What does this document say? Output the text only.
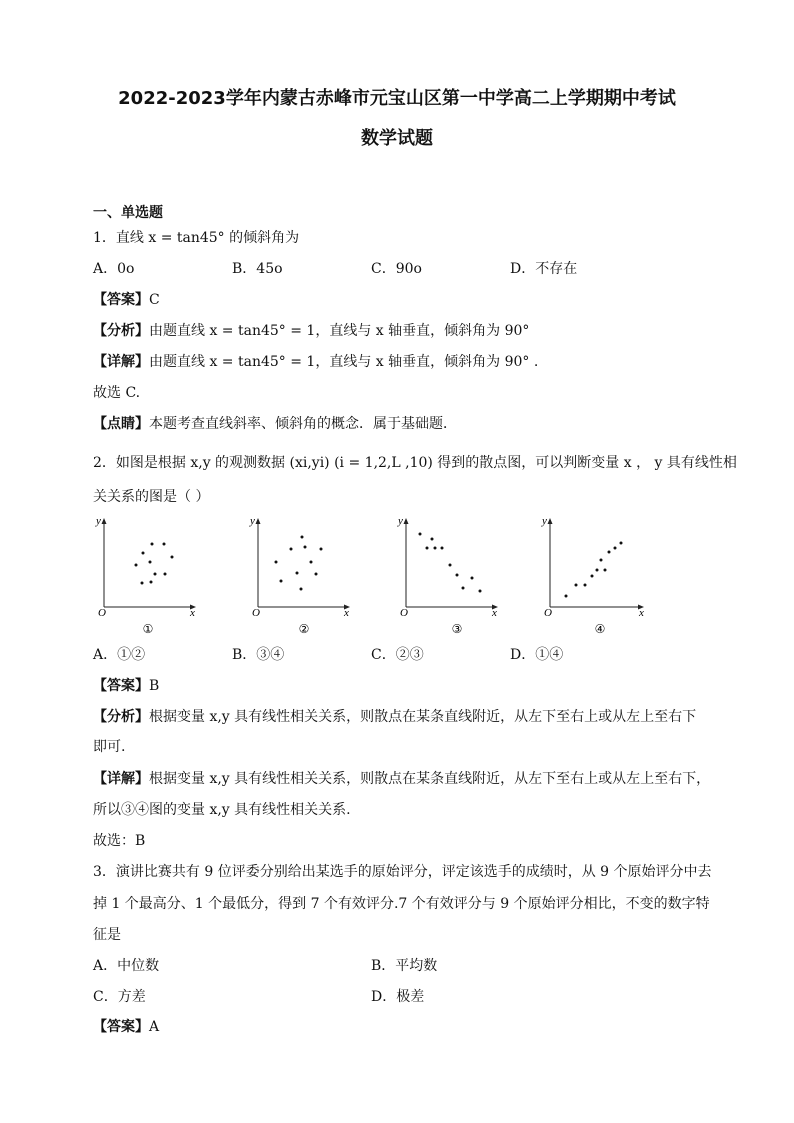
2022-2023学年内蒙古赤峰市元宝山区第一中学高二上学期期中考试
数学试题
一、单选题
1．直线 x = tan45° 的倾斜角为
A．0o	B．45o	C．90o	D．不存在
【答案】C
【分析】由题直线 x = tan45° = 1，直线与 x 轴垂直，倾斜角为 90°
【详解】由题直线 x = tan45° = 1，直线与 x 轴垂直，倾斜角为 90° .
故选 C.
【点睛】本题考查直线斜率、倾斜角的概念．属于基础题．
2．如图是根据 x,y 的观测数据 (xi,yi) (i = 1,2,L ,10) 得到的散点图，可以判断变量 x ， y 具有线性相
关关系的图是（ ）
y
x
O
①
y
x
O
②
y
x
O
③
y
x
O
④
A．①②	B．③④	C．②③	D．①④
【答案】B
【分析】根据变量 x,y 具有线性相关关系，则散点在某条直线附近，从左下至右上或从左上至右下
即可.
【详解】根据变量 x,y 具有线性相关关系，则散点在某条直线附近，从左下至右上或从左上至右下，
所以③④图的变量 x,y 具有线性相关关系.
故选：B
3．演讲比赛共有 9 位评委分别给出某选手的原始评分，评定该选手的成绩时，从 9 个原始评分中去
掉 1 个最高分、1 个最低分，得到 7 个有效评分.7 个有效评分与 9 个原始评分相比，不变的数字特
征是
A．中位数	B．平均数
C．方差	D．极差
【答案】A
